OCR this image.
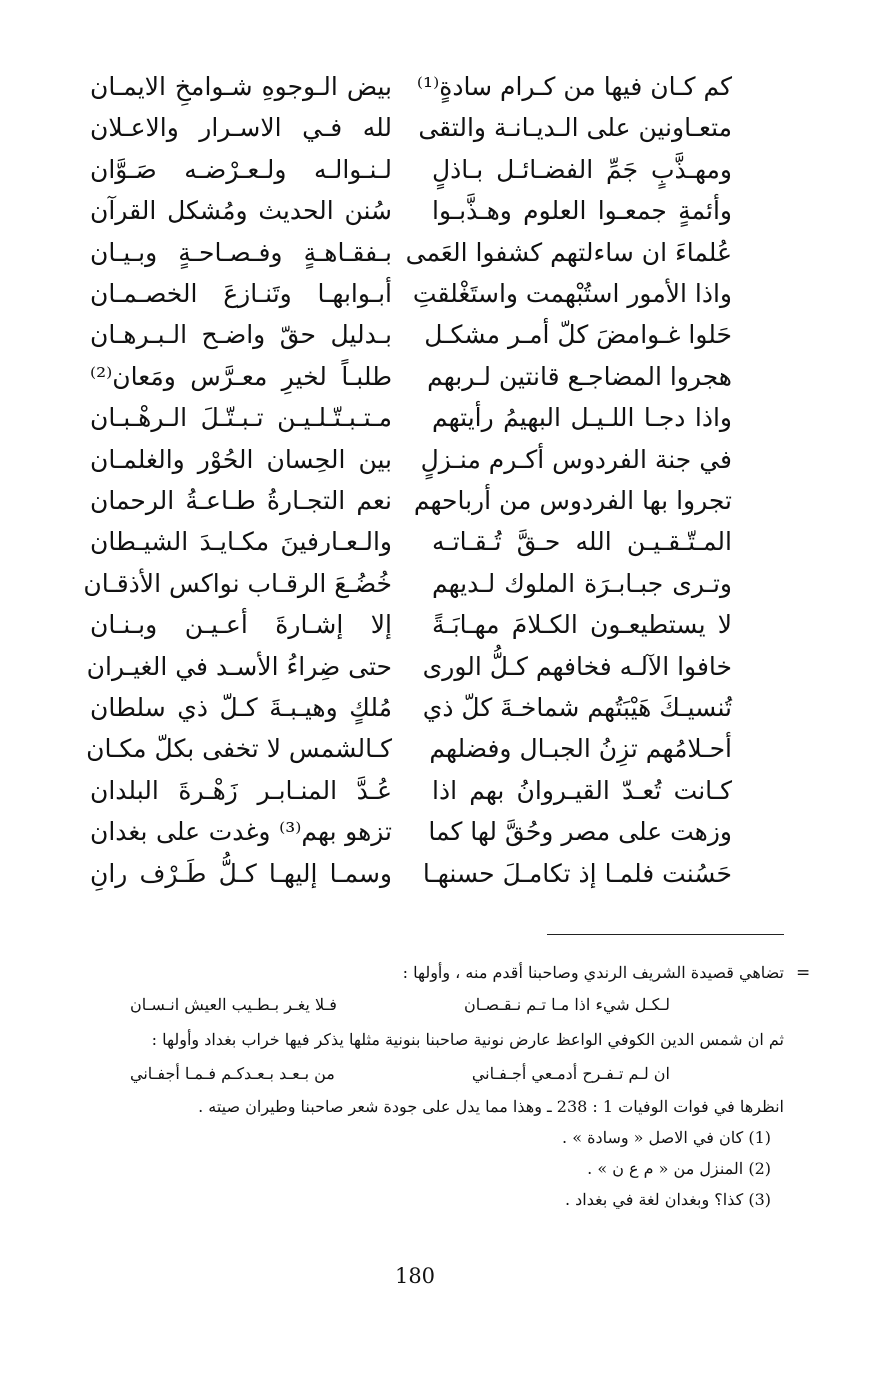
كم كـان فيها من كـرام سادةٍ⁽¹⁾
بيض الـوجوهِ شـوامخِ الايمـان
متعـاونين على الـديـانـة والتقى
لله فـي الاسـرار والاعـلان
ومهـذَّبٍ جَمِّ الفضـائـل بـاذلٍ
لـنـوالـه ولـعـرْضـه صَـوَّان
وأئمةٍ جمعـوا العلوم وهـذَّبـوا
سُنن الحديث ومُشكل القرآن
عُلماءَ ان ساءلتهم كشفوا العَمى
بـفقـاهـةٍ وفـصـاحـةٍ وبـيـان
واذا الأمور استُبْهمت واستَغْلقتِ
أبـوابهـا وتَنـازعَ الخصـمـان
حَلوا غـوامضَ كلّ أمـر مشكـل
بـدليل حقّ واضـح الـبـرهـان
هجروا المضاجـع قانتين لـربهم
طلبـاً لخيرِ معـرَّس ومَعان⁽²⁾
واذا دجـا اللـيـل البهيمُ رأيتهم
مـتـبـتّـلـيـن تـبـتّـلَ الـرهْـبـان
في جنة الفردوس أكـرم منـزلٍ
بين الحِسان الحُوْر والغلمـان
تجروا بها الفردوس من أرباحهم
نعم التجـارةُ طـاعـةُ الرحمان
المـتّـقـيـن الله حـقَّ تُـقـاتـه
والـعـارفينَ مكـايـدَ الشيـطان
وتـرى جبـابـرَة الملوك لـديهم
خُضُـعَ الرقـاب نواكس الأذقـان
لا يستطيعـون الكـلامَ مهـابَـةً
إلا إشـارةَ أعـيـن وبـنـان
خافوا الآلـه فخافهم كـلُّ الورى
حتى ضِراءُ الأسـد في الغيـران
تُنسيـكَ هَيْبَتُهم شماخـةَ كلّ ذي
مُلكٍ وهيـبـةَ كـلّ ذي سلطان
أحـلامُهم تزِنُ الجبـال وفضلهم
كـالشمس لا تخفى بكلّ مكـان
كـانت تُعـدّ القيـروانُ بهم اذا
عُـدَّ المنـابـر زَهْـرةَ البلدان
وزهت على مصر وحُقَّ لها كما
تزهو بهم⁽³⁾ وغدت على بغدان
حَسُنت فلمـا إذ تكامـلَ حسنهـا
وسمـا إليهـا كـلُّ طَـرْف رانِ
=
تضاهي قصيدة الشريف الرندي وصاحبنا أقدم منه ، وأولها :
لـكـل شيء اذا مـا تـم نـقـصـان
فـلا يغـر بـطـيب العيش انـسـان
ثم ان شمس الدين الكوفي الواعظ عارض نونية صاحبنا بنونية مثلها يذكر فيها خراب بغداد وأولها :
ان لـم تـفـرح أدمـعي أجـفـاني
من بـعـد بـعـدكـم فـمـا أجفـاني
انظرها في فوات الوفيات 1 : 238 ـ وهذا مما يدل على جودة شعر صاحبنا وطيران صيته .
(1) كان في الاصل « وسادة » .
(2) المنزل من « م ع ن » .
(3) كذا؟ وبغدان لغة في بغداد .
180
